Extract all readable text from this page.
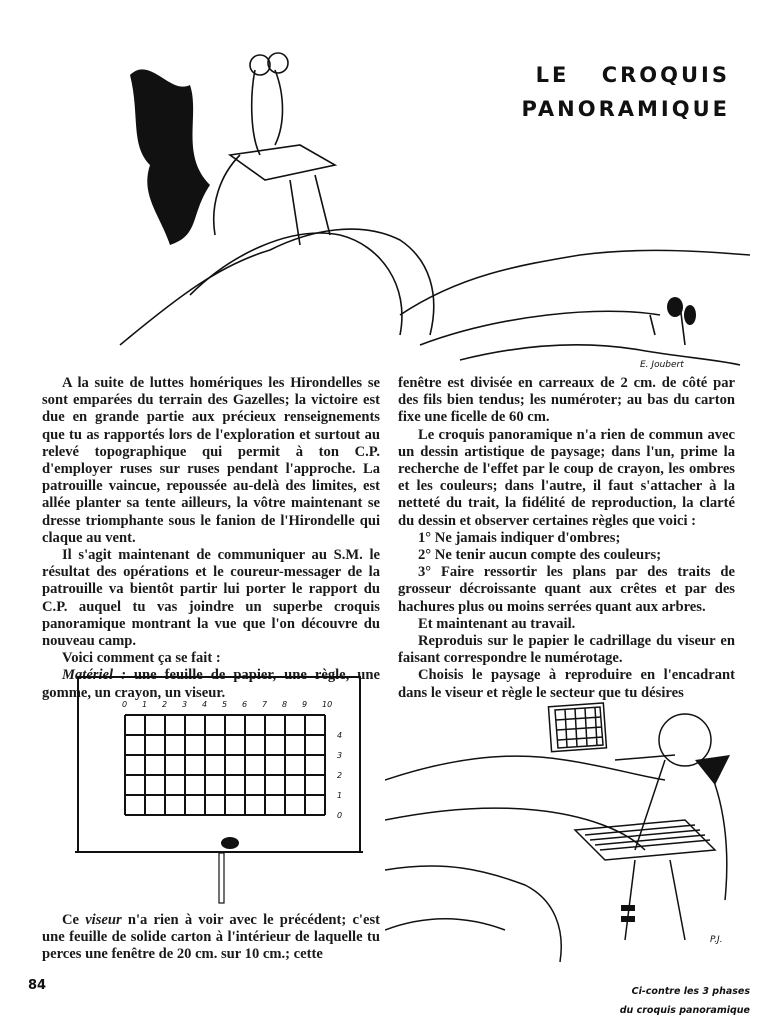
LE CROQUIS
PANORAMIQUE
E. Joubert

A la suite de luttes homériques les Hirondelles se sont emparées du terrain des Gazelles; la victoire est due en grande partie aux précieux renseignements que tu as rapportés lors de l'exploration et surtout au relevé topographique qui permit à ton C.P. d'employer ruses sur ruses pendant l'approche. La patrouille vaincue, repoussée au-delà des limites, est allée planter sa tente ailleurs, la vôtre maintenant se dresse triomphante sous le fanion de l'Hirondelle qui claque au vent.

Il s'agit maintenant de communiquer au S.M. le résultat des opérations et le coureur-messager de la patrouille va bientôt partir lui porter le rapport du C.P. auquel tu vas joindre un superbe croquis panoramique montrant la vue que l'on découvre du nouveau camp.

Voici comment ça se fait :

Matériel : une feuille de papier, une règle, une gomme, un crayon, un viseur.

0 1 2 3 4 5 6 7 8 9 10
4
3
2
1
0

Ce viseur n'a rien à voir avec le précédent; c'est une feuille de solide carton à l'intérieur de laquelle tu perces une fenêtre de 20 cm. sur 10 cm.; cette

fenêtre est divisée en carreaux de 2 cm. de côté par des fils bien tendus; les numéroter; au bas du carton fixe une ficelle de 60 cm.

Le croquis panoramique n'a rien de commun avec un dessin artistique de paysage; dans l'un, prime la recherche de l'effet par le coup de crayon, les ombres et les couleurs; dans l'autre, il faut s'attacher à la netteté du trait, la fidélité de reproduction, la clarté du dessin et observer certaines règles que voici :

1° Ne jamais indiquer d'ombres;

2° Ne tenir aucun compte des couleurs;

3° Faire ressortir les plans par des traits de grosseur décroissante quant aux crêtes et par des hachures plus ou moins serrées quant aux arbres.

Et maintenant au travail.

Reproduis sur le papier le cadrillage du viseur en faisant correspondre le numérotage.

Choisis le paysage à reproduire en l'encadrant dans le viseur et règle le secteur que tu désires

P.J.
84	Ci-contre les 3 phases
du croquis panoramique
